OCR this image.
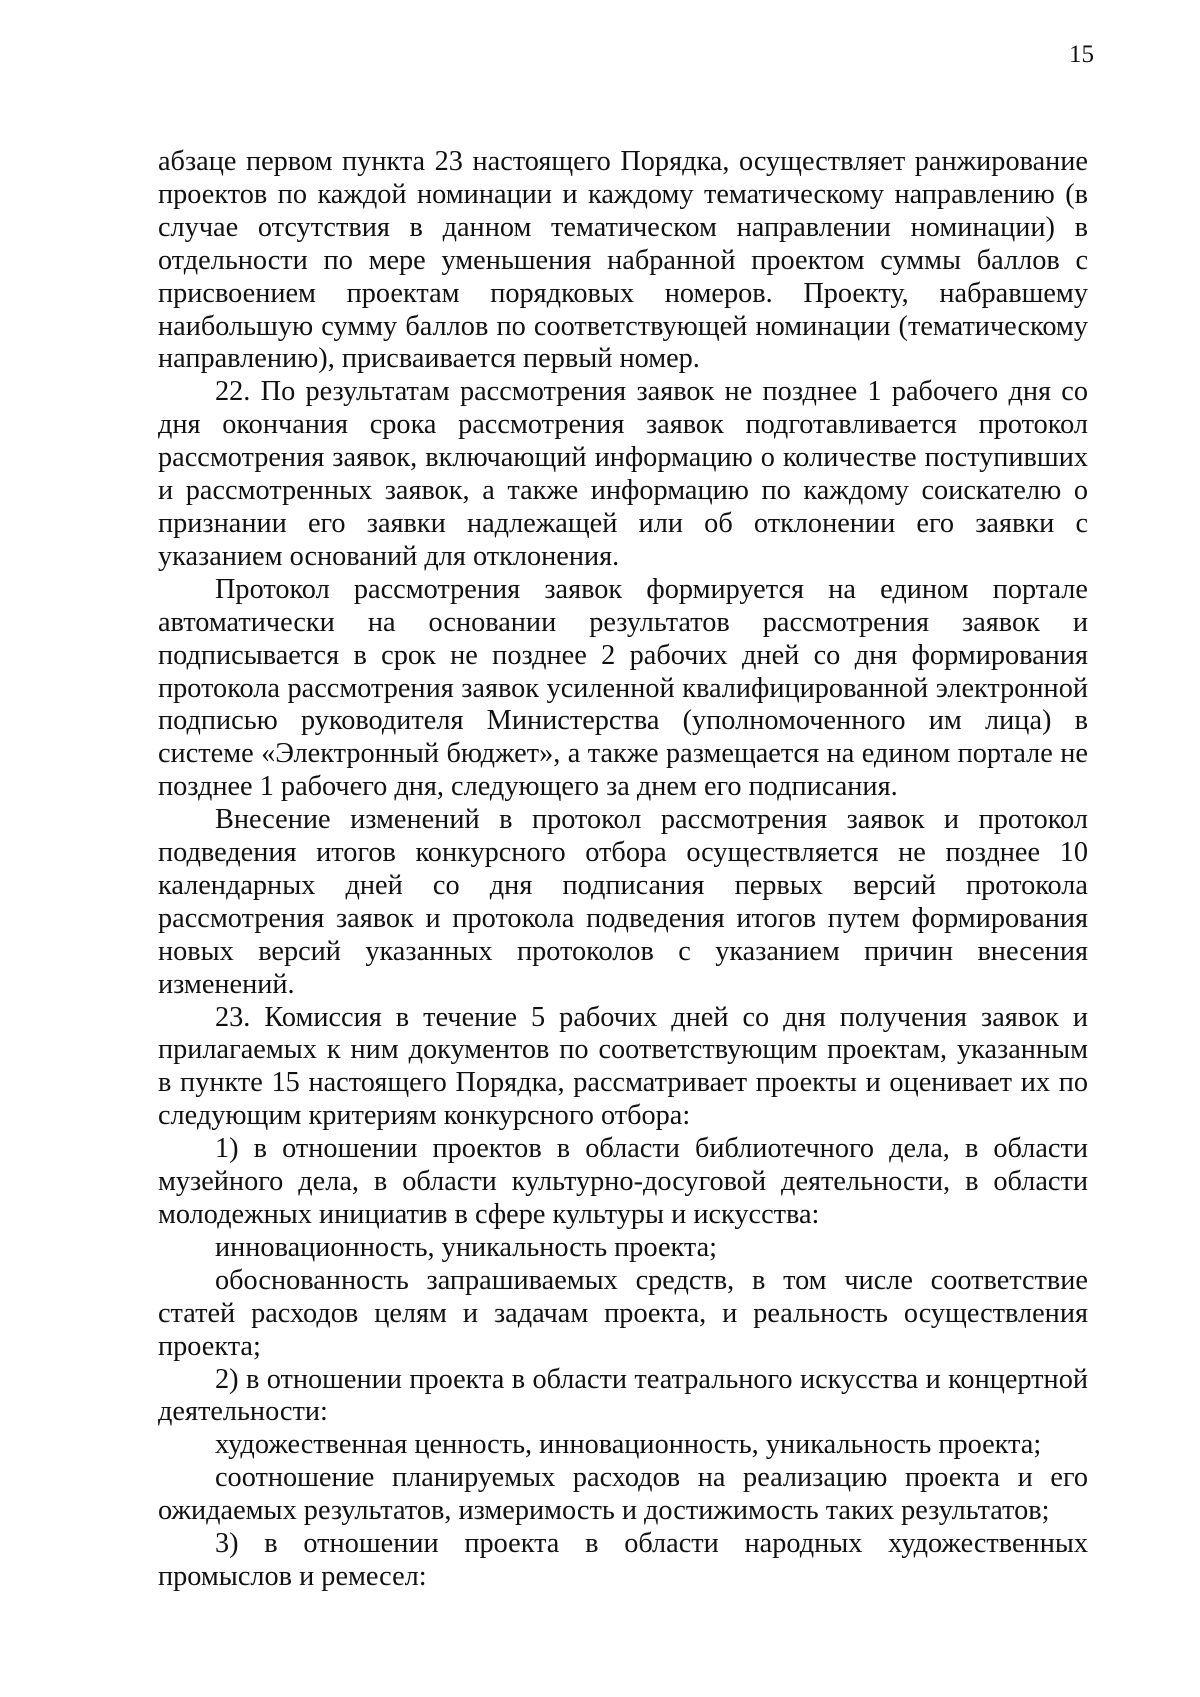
15

абзаце первом пункта 23 настоящего Порядка, осуществляет ранжирование проектов по каждой номинации и каждому тематическому направлению (в случае отсутствия в данном тематическом направлении номинации) в отдельности по мере уменьшения набранной проектом суммы баллов с присвоением проектам порядковых номеров. Проекту, набравшему наибольшую сумму баллов по соответствующей номинации (тематическому направлению), присваивается первый номер.

22. По результатам рассмотрения заявок не позднее 1 рабочего дня со дня окончания срока рассмотрения заявок подготавливается протокол рассмотрения заявок, включающий информацию о количестве поступивших и рассмотренных заявок, а также информацию по каждому соискателю о признании его заявки надлежащей или об отклонении его заявки с указанием оснований для отклонения.

Протокол рассмотрения заявок формируется на едином портале автоматически на основании результатов рассмотрения заявок и подписывается в срок не позднее 2 рабочих дней со дня формирования протокола рассмотрения заявок усиленной квалифицированной электронной подписью руководителя Министерства (уполномоченного им лица) в системе «Электронный бюджет», а также размещается на едином портале не позднее 1 рабочего дня, следующего за днем его подписания.

Внесение изменений в протокол рассмотрения заявок и протокол подведения итогов конкурсного отбора осуществляется не позднее 10 календарных дней со дня подписания первых версий протокола рассмотрения заявок и протокола подведения итогов путем формирования новых версий указанных протоколов с указанием причин внесения изменений.

23. Комиссия в течение 5 рабочих дней со дня получения заявок и прилагаемых к ним документов по соответствующим проектам, указанным в пункте 15 настоящего Порядка, рассматривает проекты и оценивает их по следующим критериям конкурсного отбора:

1) в отношении проектов в области библиотечного дела, в области музейного дела, в области культурно-досуговой деятельности, в области молодежных инициатив в сфере культуры и искусства:

инновационность, уникальность проекта;

обоснованность запрашиваемых средств, в том числе соответствие статей расходов целям и задачам проекта, и реальность осуществления проекта;

2) в отношении проекта в области театрального искусства и концертной деятельности:

художественная ценность, инновационность, уникальность проекта;

соотношение планируемых расходов на реализацию проекта и его ожидаемых результатов, измеримость и достижимость таких результатов;

3) в отношении проекта в области народных художественных промыслов и ремесел:
